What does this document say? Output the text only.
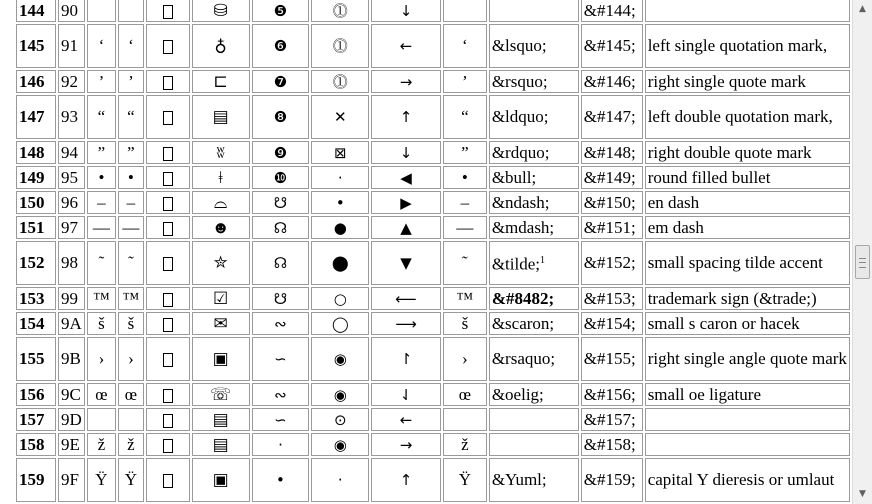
144	90				⛁	❺	⓵	↓			&#144;	
145	91	‘	‘		♁	❻	⓵	←	‘	&lsquo;	&#145;	left single quotation mark,
146	92	’	’		⊏	❼	⓵	→	’	&rsquo;	&#146;	right single quote mark
147	93	“	“		▤	❽	✕	↑	“	&ldquo;	&#147;	left double quotation mark,
148	94	”	”		ʬ	❾	⊠	↓	”	&rdquo;	&#148;	right double quote mark
149	95	•	•		ǂ	❿	·	◀	•	&bull;	&#149;	round filled bullet
150	96	–	–		⌓	☋	•	▶	–	&ndash;	&#150;	en dash
151	97	—	—		☻	☊	●	▲	—	&mdash;	&#151;	em dash
152	98	˜	˜		✮	☊	⬤	▼	˜	&tilde;$^1$	&#152;	small spacing tilde accent
153	99	™	™		☑	☋	○	⟵	™	&#8482;	&#153;	trademark sign (&trade;)
154	9A	š	š		✉	∾	◯	⟶	š	&scaron;	&#154;	small s caron or hacek
155	9B	›	›		▣	∽	◉	↾	›	&rsaquo;	&#155;	right single angle quote mark
156	9C	œ	œ		☏	∾	◉	⇃	œ	&oelig;	&#156;	small oe ligature
157	9D				▤	∽	⊙	←			&#157;	
158	9E	ž	ž		▤	·	◉	→	ž		&#158;	
159	9F	Ÿ	Ÿ		▣	•	·	↑	Ÿ	&Yuml;	&#159;	capital Y dieresis or umlaut
▲
▼
